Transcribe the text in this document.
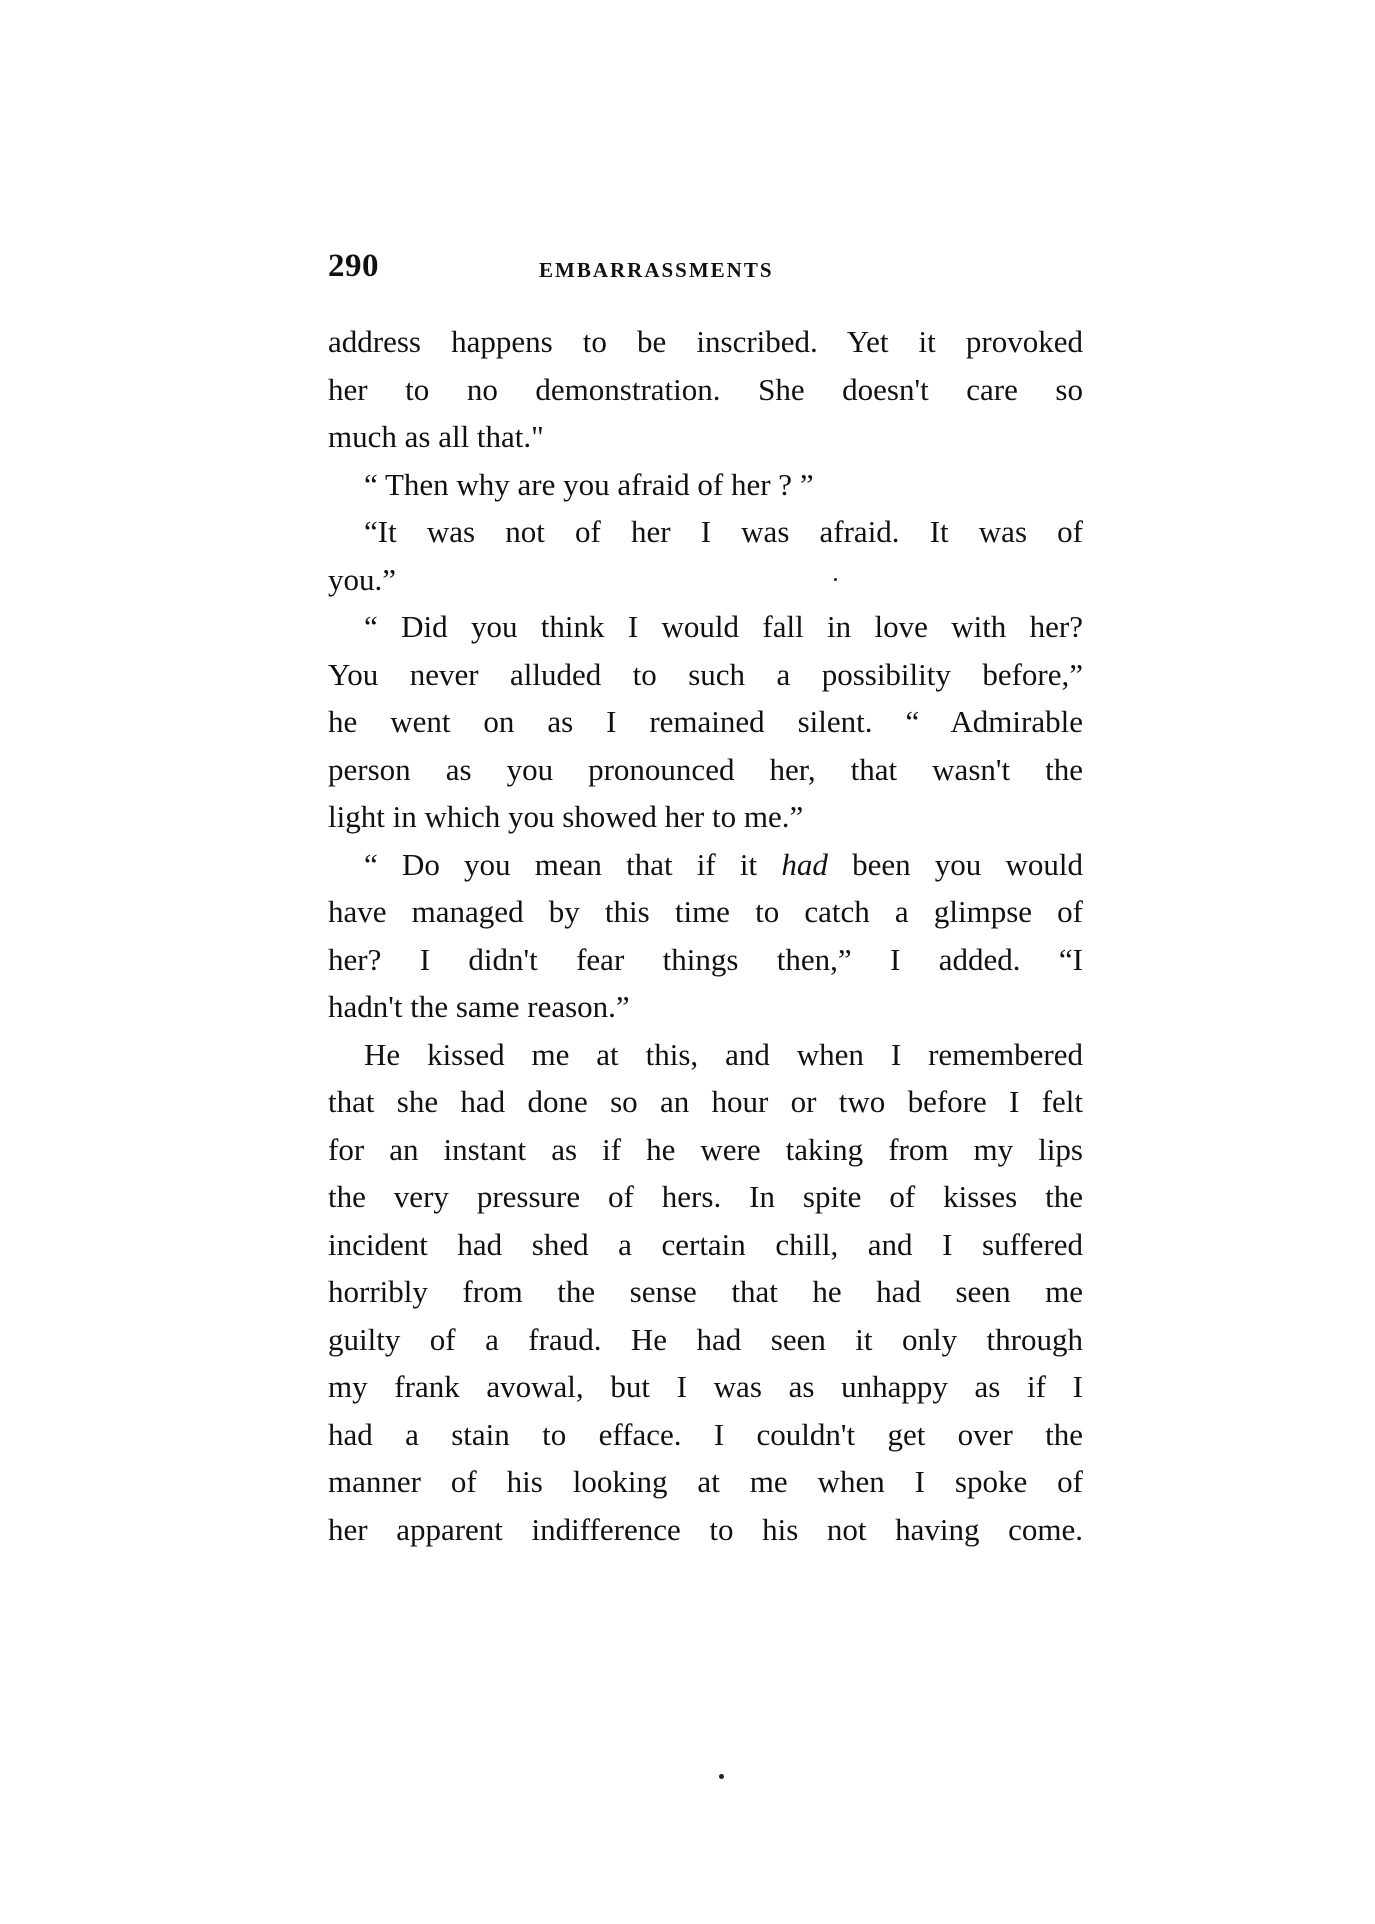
290	EMBARRASSMENTS

address happens to be inscribed. Yet it provoked
her to no demonstration. She doesn't care so
much as all that."

“ Then why are you afraid of her ? ”

“It was not of her I was afraid. It was of
you.”

“ Did you think I would fall in love with her?
You never alluded to such a possibility before,”
he went on as I remained silent. “ Admirable
person as you pronounced her, that wasn't the
light in which you showed her to me.”

“ Do you mean that if it had been you would
have managed by this time to catch a glimpse of
her? I didn't fear things then,” I added. “I
hadn't the same reason.”

He kissed me at this, and when I remembered
that she had done so an hour or two before I felt
for an instant as if he were taking from my lips
the very pressure of hers. In spite of kisses the
incident had shed a certain chill, and I suffered
horribly from the sense that he had seen me
guilty of a fraud. He had seen it only through
my frank avowal, but I was as unhappy as if I
had a stain to efface. I couldn't get over the
manner of his looking at me when I spoke of
her apparent indifference to his not having come.
